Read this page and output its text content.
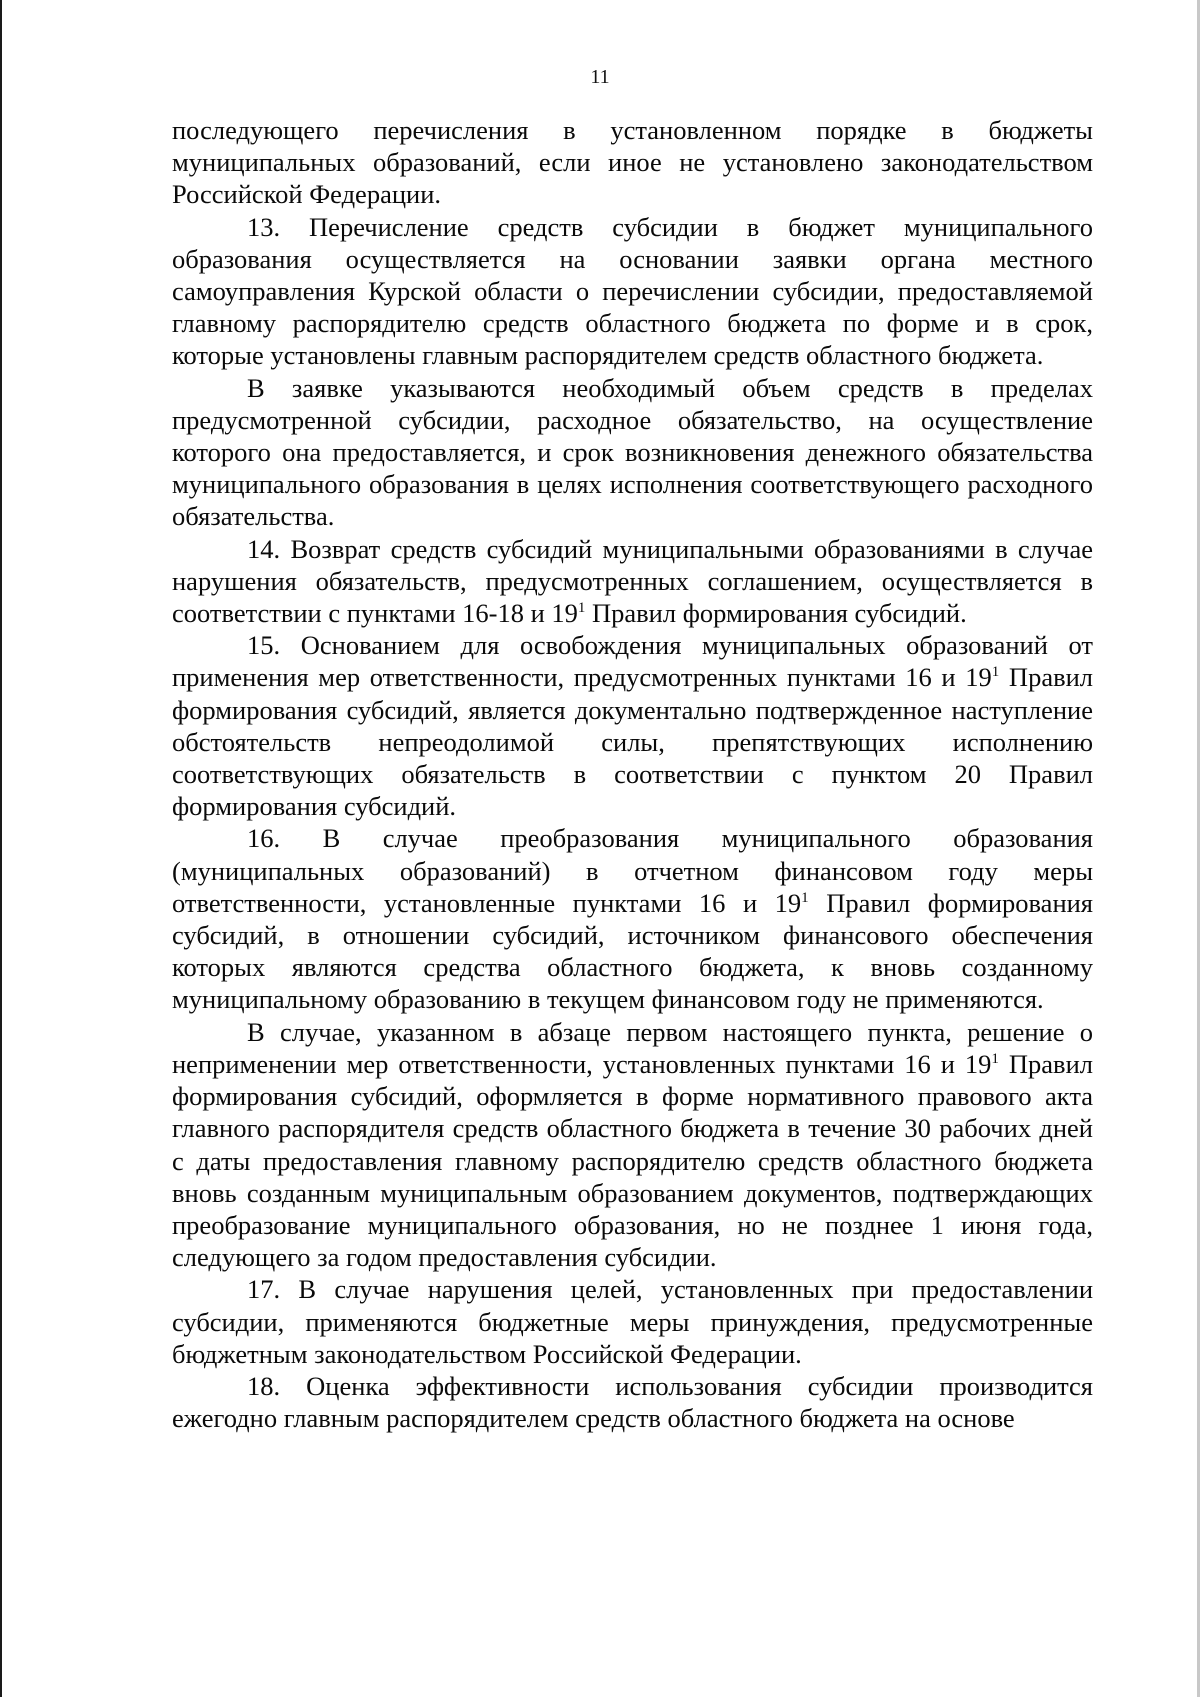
11

последующего перечисления в установленном порядке в бюджеты муниципальных образований, если иное не установлено законодательством Российской Федерации.

13. Перечисление средств субсидии в бюджет муниципального образования осуществляется на основании заявки органа местного самоуправления Курской области о перечислении субсидии, предоставляемой главному распорядителю средств областного бюджета по форме и в срок, которые установлены главным распорядителем средств областного бюджета.

В заявке указываются необходимый объем средств в пределах предусмотренной субсидии, расходное обязательство, на осуществление которого она предоставляется, и срок возникновения денежного обязательства муниципального образования в целях исполнения соответствующего расходного обязательства.

14. Возврат средств субсидий муниципальными образованиями в случае нарушения обязательств, предусмотренных соглашением, осуществляется в соответствии с пунктами 16-18 и $19^1$ Правил формирования субсидий.

15. Основанием для освобождения муниципальных образований от применения мер ответственности, предусмотренных пунктами 16 и $19^1$ Правил формирования субсидий, является документально подтвержденное наступление обстоятельств непреодолимой силы, препятствующих исполнению соответствующих обязательств в соответствии с пунктом 20 Правил формирования субсидий.

16. В случае преобразования муниципального образования (муниципальных образований) в отчетном финансовом году меры ответственности, установленные пунктами 16 и $19^1$ Правил формирования субсидий, в отношении субсидий, источником финансового обеспечения которых являются средства областного бюджета, к вновь созданному муниципальному образованию в текущем финансовом году не применяются.

В случае, указанном в абзаце первом настоящего пункта, решение о неприменении мер ответственности, установленных пунктами 16 и $19^1$ Правил формирования субсидий, оформляется в форме нормативного правового акта главного распорядителя средств областного бюджета в течение 30 рабочих дней с даты предоставления главному распорядителю средств областного бюджета вновь созданным муниципальным образованием документов, подтверждающих преобразование муниципального образования, но не позднее 1 июня года, следующего за годом предоставления субсидии.

17. В случае нарушения целей, установленных при предоставлении субсидии, применяются бюджетные меры принуждения, предусмотренные бюджетным законодательством Российской Федерации.

18. Оценка эффективности использования субсидии производится ежегодно главным распорядителем средств областного бюджета на основе
